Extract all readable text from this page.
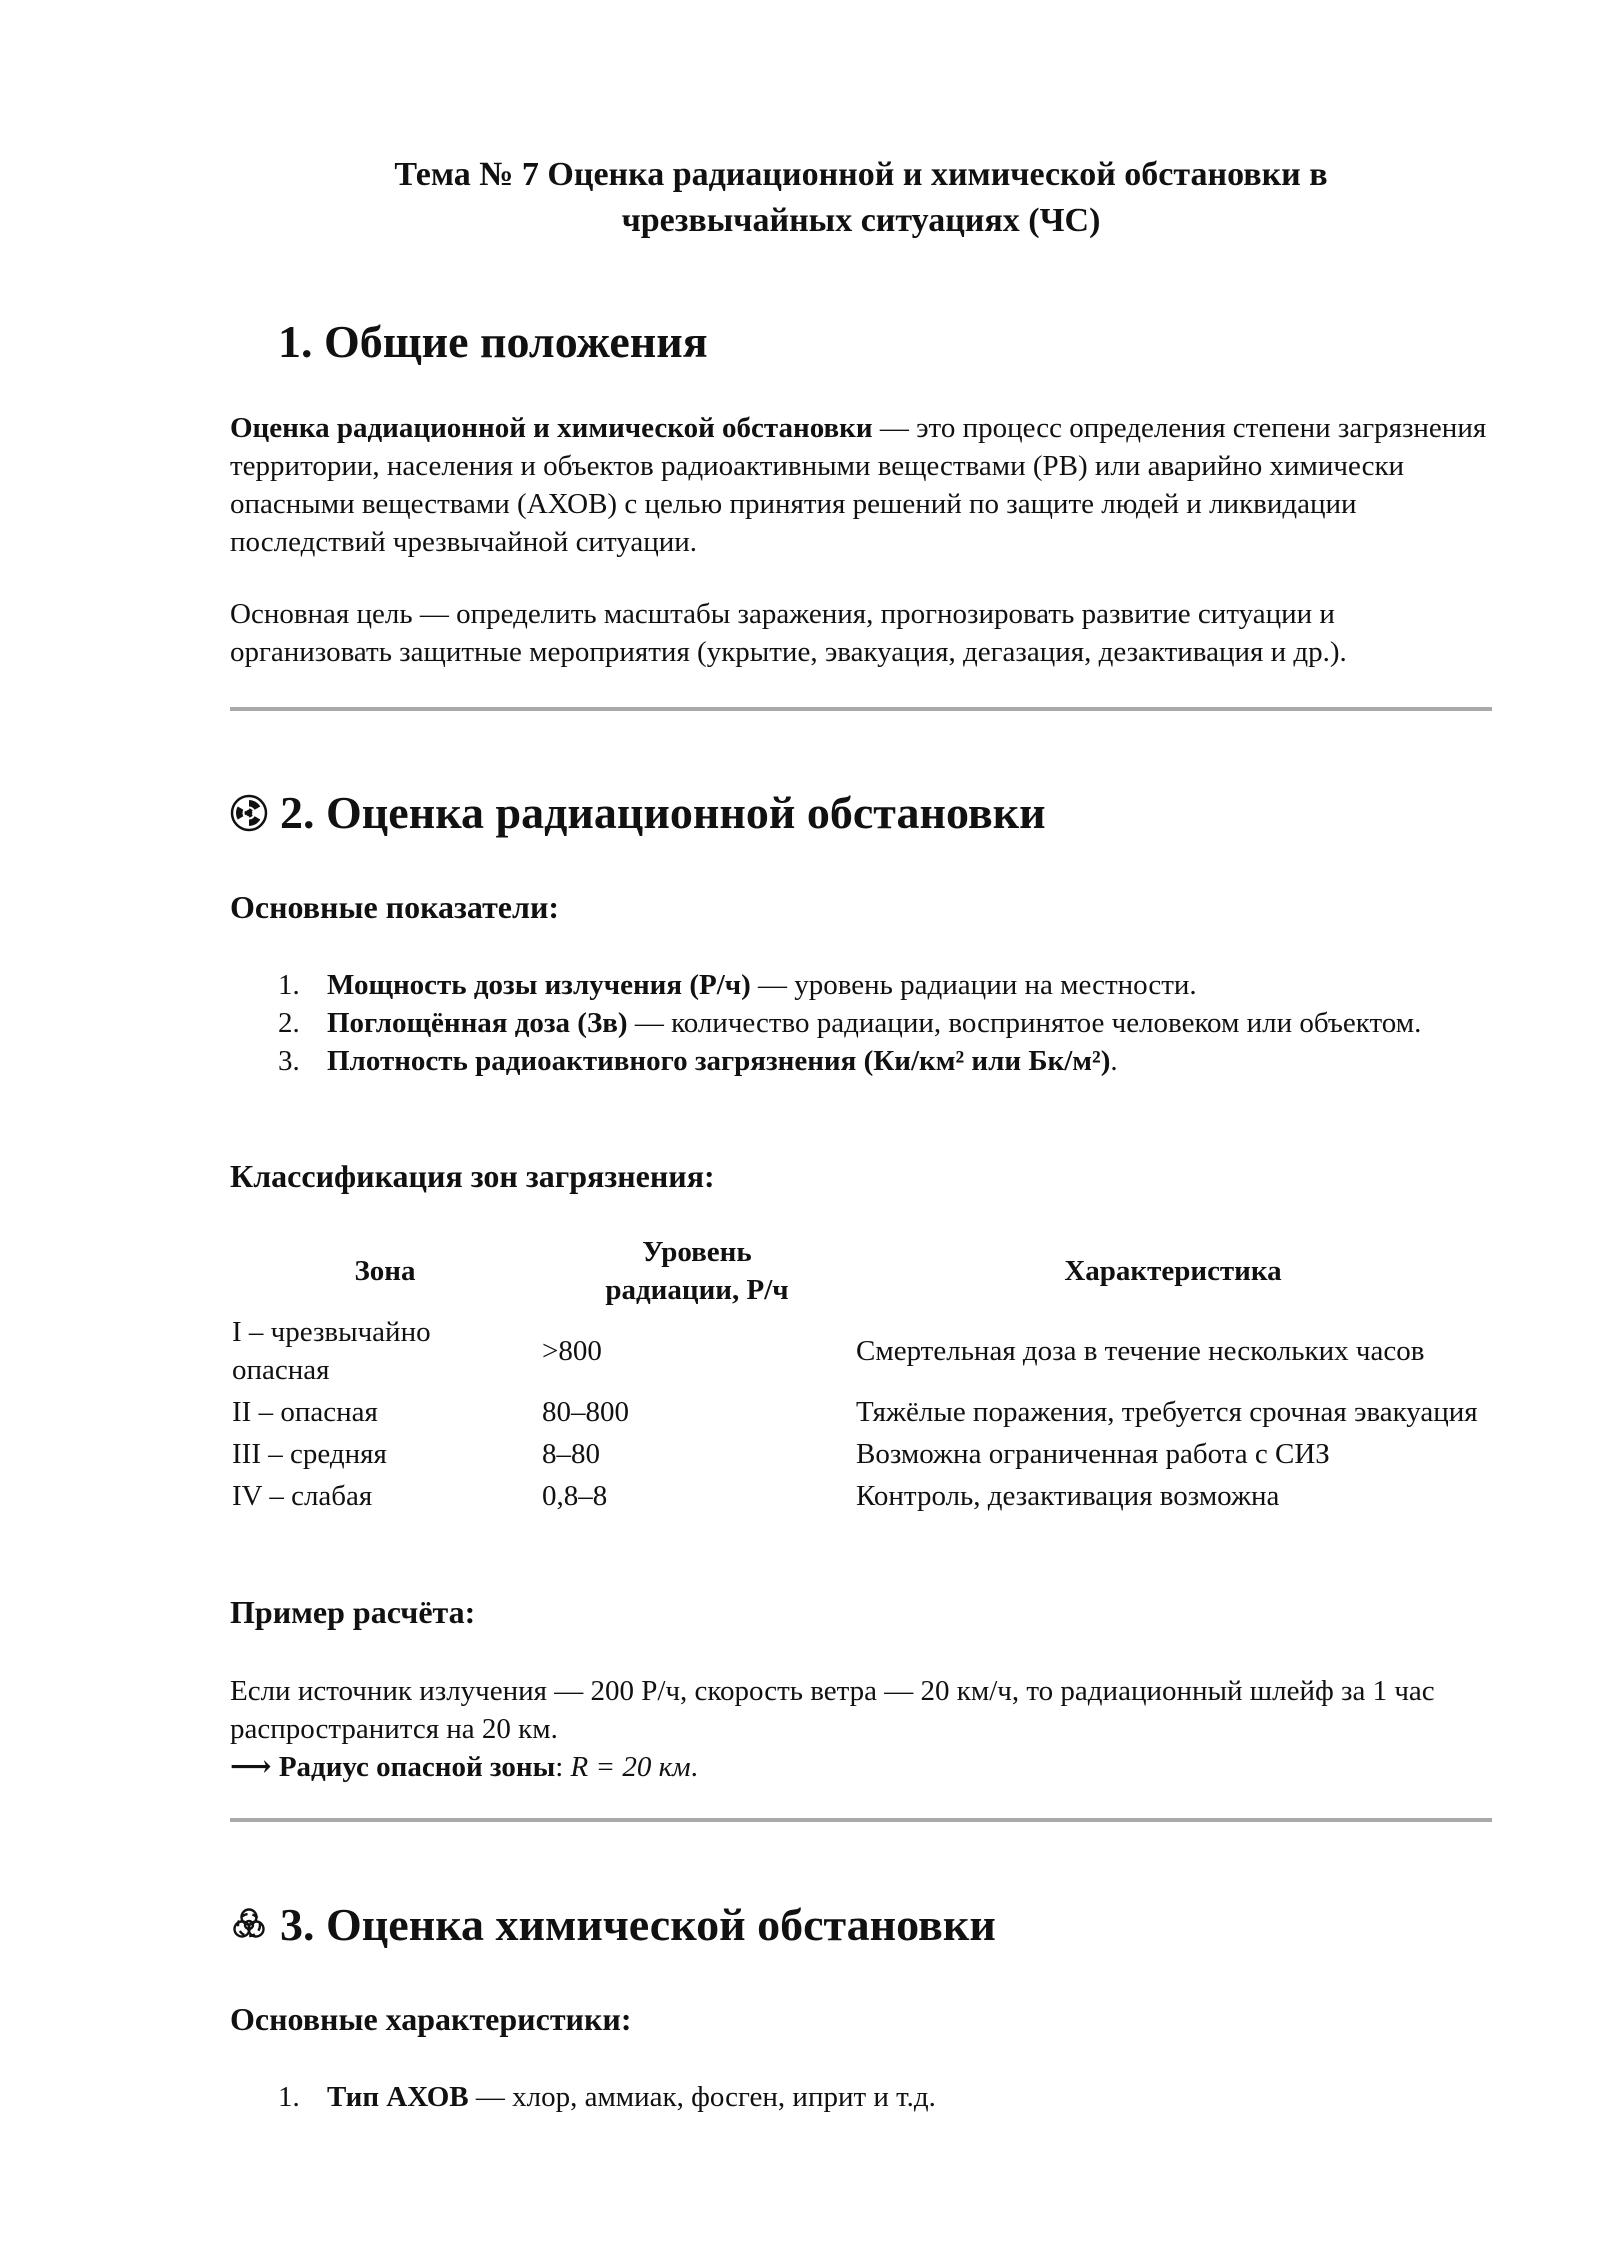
Тема № 7 Оценка радиационной и химической обстановки в
чрезвычайных ситуациях (ЧС)
1. Общие положения
Оценка радиационной и химической обстановки — это процесс определения степени загрязнения территории, населения и объектов радиоактивными веществами (РВ) или аварийно химически опасными веществами (АХОВ) с целью принятия решений по защите людей и ликвидации последствий чрезвычайной ситуации.
Основная цель — определить масштабы заражения, прогнозировать развитие ситуации и организовать защитные мероприятия (укрытие, эвакуация, дегазация, дезактивация и др.).
2. Оценка радиационной обстановки
Основные показатели:
1. Мощность дозы излучения (Р/ч) — уровень радиации на местности.
2. Поглощённая доза (Зв) — количество радиации, воспринятое человеком или объектом.
3. Плотность радиоактивного загрязнения (Ки/км² или Бк/м²).
Классификация зон загрязнения:
Зона	Уровень радиации, Р/ч	Характеристика
I – чрезвычайно опасная	>800	Смертельная доза в течение нескольких часов
II – опасная	80–800	Тяжёлые поражения, требуется срочная эвакуация
III – средняя	8–80	Возможна ограниченная работа с СИЗ
IV – слабая	0,8–8	Контроль, дезактивация возможна
Пример расчёта:
Если источник излучения — 200 Р/ч, скорость ветра — 20 км/ч, то радиационный шлейф за 1 час распространится на 20 км.
⟶ Радиус опасной зоны: R = 20 км.
3. Оценка химической обстановки
Основные характеристики:
1. Тип АХОВ — хлор, аммиак, фосген, иприт и т.д.
